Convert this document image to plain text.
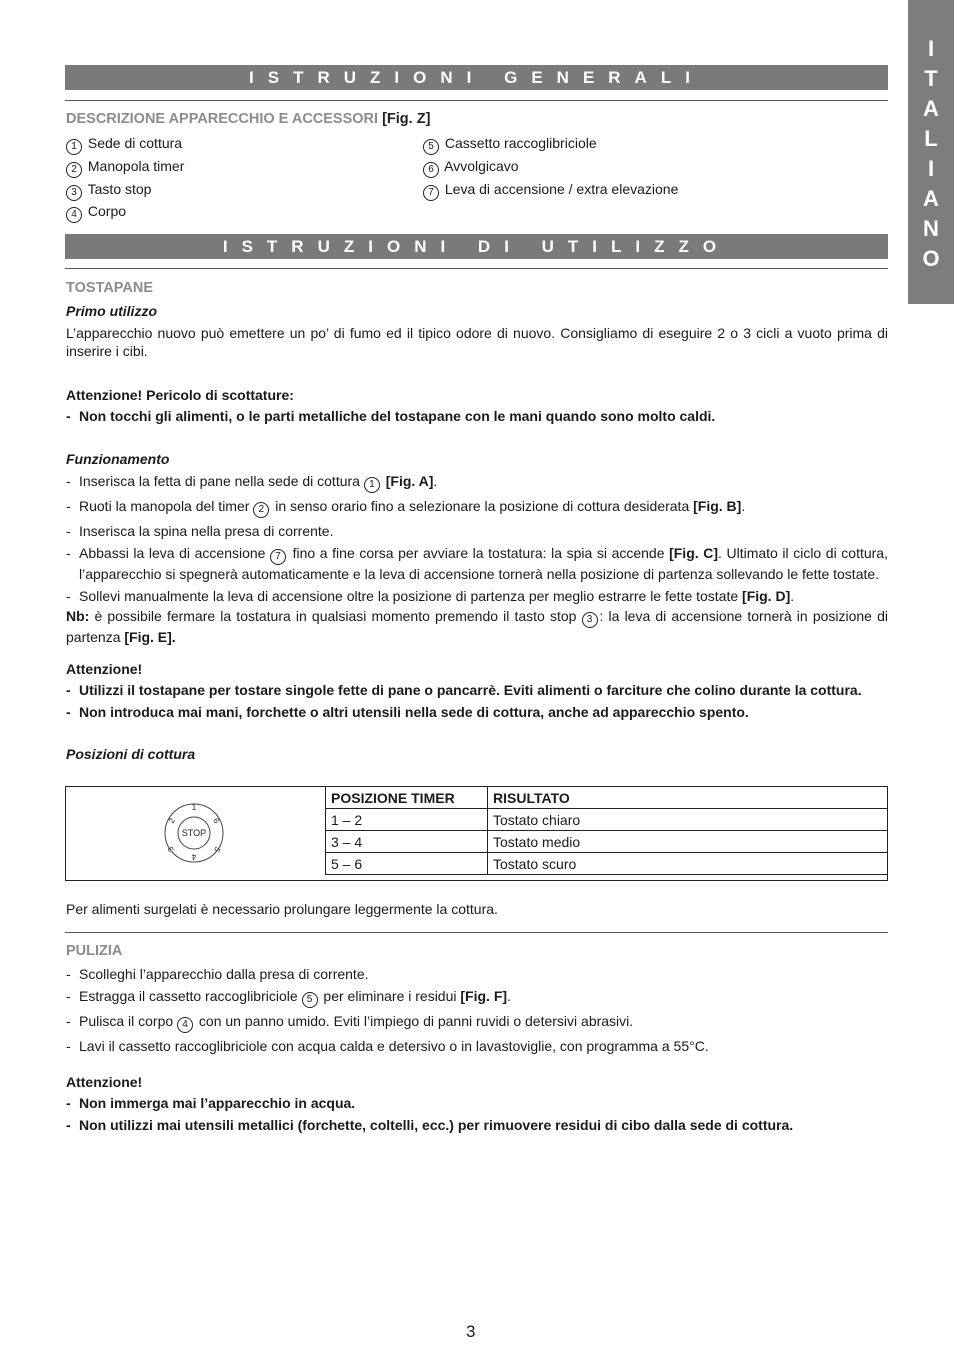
I
T
A
L
I
A
N
O
ISTRUZIONI GENERALI
DESCRIZIONE APPARECCHIO E ACCESSORI [Fig. Z]
1 Sede di cottura
2 Manopola timer
3 Tasto stop
4 Corpo
5 Cassetto raccoglibriciole
6 Avvolgicavo
7 Leva di accensione / extra elevazione
ISTRUZIONI DI UTILIZZO
TOSTAPANE
Primo utilizzo
L’apparecchio nuovo può emettere un po’ di fumo ed il tipico odore di nuovo. Consigliamo di eseguire 2 o 3 cicli a vuoto prima di inserire i cibi.
Attenzione! Pericolo di scottature:
- Non tocchi gli alimenti, o le parti metalliche del tostapane con le mani quando sono molto caldi.
Funzionamento
- Inserisca la fetta di pane nella sede di cottura 1 [Fig. A].
- Ruoti la manopola del timer 2 in senso orario fino a selezionare la posizione di cottura desiderata [Fig. B].
- Inserisca la spina nella presa di corrente.
- Abbassi la leva di accensione 7 fino a fine corsa per avviare la tostatura: la spia si accende [Fig. C]. Ultimato il ciclo di cottura, l’apparecchio si spegnerà automaticamente e la leva di accensione tornerà nella posizione di partenza sollevando le fette tostate.
- Sollevi manualmente la leva di accensione oltre la posizione di partenza per meglio estrarre le fette tostate [Fig. D].
Nb: è possibile fermare la tostatura in qualsiasi momento premendo il tasto stop 3 : la leva di accensione tornerà in posizione di partenza [Fig. E].
Attenzione!
- Utilizzi il tostapane per tostare singole fette di pane o pancarrè. Eviti alimenti o farciture che colino durante la cottura.
- Non introduca mai mani, forchette o altri utensili nella sede di cottura, anche ad apparecchio spento.
Posizioni di cottura
STOP
1
6
5
4
3
2
POSIZIONE TIMER	RISULTATO
1 – 2	Tostato chiaro
3 – 4	Tostato medio
5 – 6	Tostato scuro
Per alimenti surgelati è necessario prolungare leggermente la cottura.
PULIZIA
- Scolleghi l’apparecchio dalla presa di corrente.
- Estragga il cassetto raccoglibriciole 5 per eliminare i residui [Fig. F].
- Pulisca il corpo 4 con un panno umido. Eviti l’impiego di panni ruvidi o detersivi abrasivi.
- Lavi il cassetto raccoglibriciole con acqua calda e detersivo o in lavastoviglie, con programma a 55°C.
Attenzione!
- Non immerga mai l’apparecchio in acqua.
- Non utilizzi mai utensili metallici (forchette, coltelli, ecc.) per rimuovere residui di cibo dalla sede di cottura.
3
